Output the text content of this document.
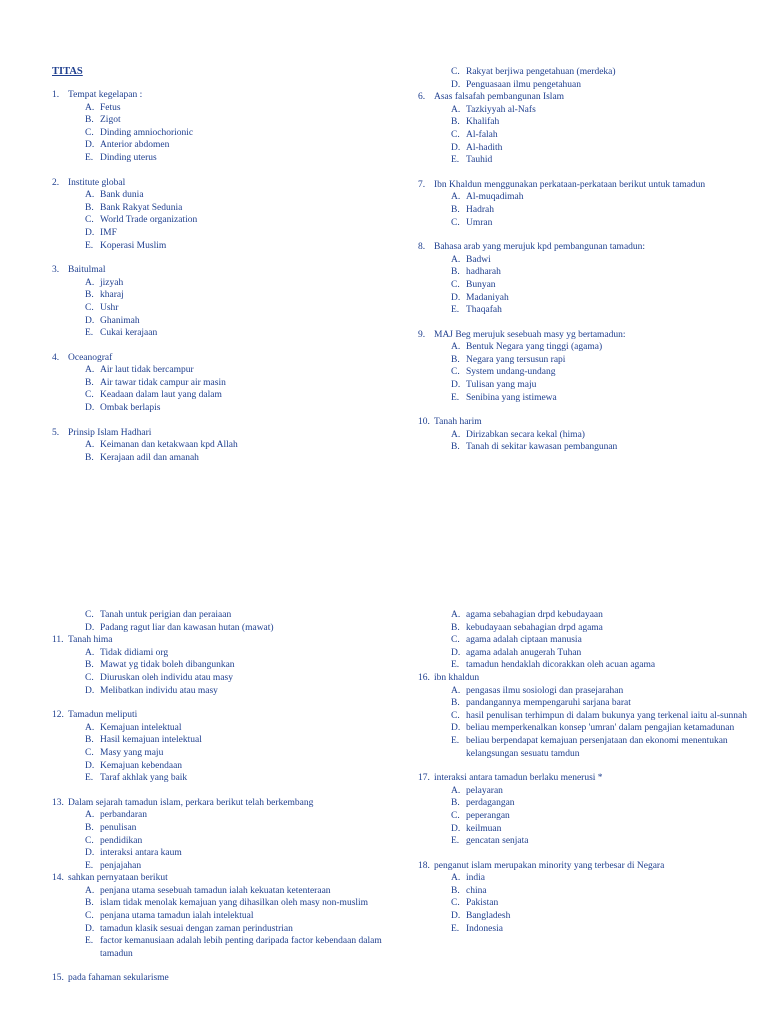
TITAS
1. Tempat kegelapan :
A. Fetus
B. Zigot
C. Dinding amniochorionic
D. Anterior abdomen
E. Dinding uterus
2. Institute global
A. Bank dunia
B. Bank Rakyat Sedunia
C. World Trade organization
D. IMF
E. Koperasi Muslim
3. Baitulmal
A. jizyah
B. kharaj
C. Ushr
D. Ghanimah
E. Cukai kerajaan
4. Oceanograf
A. Air laut tidak bercampur
B. Air tawar tidak campur air masin
C. Keadaan dalam laut yang dalam
D. Ombak berlapis
5. Prinsip Islam Hadhari
A. Keimanan dan ketakwaan kpd Allah
B. Kerajaan adil dan amanah
C. Rakyat berjiwa pengetahuan (merdeka)
D. Penguasaan ilmu pengetahuan
6. Asas falsafah pembangunan Islam
A. Tazkiyyah al-Nafs
B. Khalifah
C. Al-falah
D. Al-hadith
E. Tauhid
7. Ibn Khaldun menggunakan perkataan-perkataan berikut untuk tamadun
A. Al-muqadimah
B. Hadrah
C. Umran
8. Bahasa arab yang merujuk kpd pembangunan tamadun:
A. Badwi
B. hadharah
C. Bunyan
D. Madaniyah
E. Thaqafah
9. MAJ Beg merujuk sesebuah masy yg bertamadun:
A. Bentuk Negara yang tinggi (agama)
B. Negara yang tersusun rapi
C. System undang-undang
D. Tulisan yang maju
E. Senibina yang istimewa
10. Tanah harim
A. Dirizabkan secara kekal (hima)
B. Tanah di sekitar kawasan pembangunan
C. Tanah untuk perigian dan peraiaan
D. Padang ragut liar dan kawasan hutan (mawat)
11. Tanah hima
A. Tidak didiami org
B. Mawat yg tidak boleh dibangunkan
C. Diuruskan oleh individu atau masy
D. Melibatkan individu atau masy
12. Tamadun meliputi
A. Kemajuan intelektual
B. Hasil kemajuan intelektual
C. Masy yang maju
D. Kemajuan kebendaan
E. Taraf akhlak yang baik
13. Dalam sejarah tamadun islam, perkara berikut telah berkembang
A. perbandaran
B. penulisan
C. pendidikan
D. interaksi antara kaum
E. penjajahan
14. sahkan pernyataan berikut
A. penjana utama sesebuah tamadun ialah kekuatan ketenteraan
B. islam tidak menolak kemajuan yang dihasilkan oleh masy non-muslim
C. penjana utama tamadun ialah intelektual
D. tamadun klasik sesuai dengan zaman perindustrian
E. factor kemanusiaan adalah lebih penting daripada factor kebendaan dalam tamadun
15. pada fahaman sekularisme
A. agama sebahagian drpd kebudayaan
B. kebudayaan sebahagian drpd agama
C. agama adalah ciptaan manusia
D. agama adalah anugerah Tuhan
E. tamadun hendaklah dicorakkan oleh acuan agama
16. ibn khaldun
A. pengasas ilmu sosiologi dan prasejarahan
B. pandangannya mempengaruhi sarjana barat
C. hasil penulisan terhimpun di dalam bukunya yang terkenal iaitu al-sunnah
D. beliau memperkenalkan konsep 'umran' dalam pengajian ketamadunan
E. beliau berpendapat kemajuan persenjataan dan ekonomi menentukan kelangsungan sesuatu tamdun
17. interaksi antara tamadun berlaku menerusi *
A. pelayaran
B. perdagangan
C. peperangan
D. keilmuan
E. gencatan senjata
18. penganut islam merupakan minority yang terbesar di Negara
A. india
B. china
C. Pakistan
D. Bangladesh
E. Indonesia
